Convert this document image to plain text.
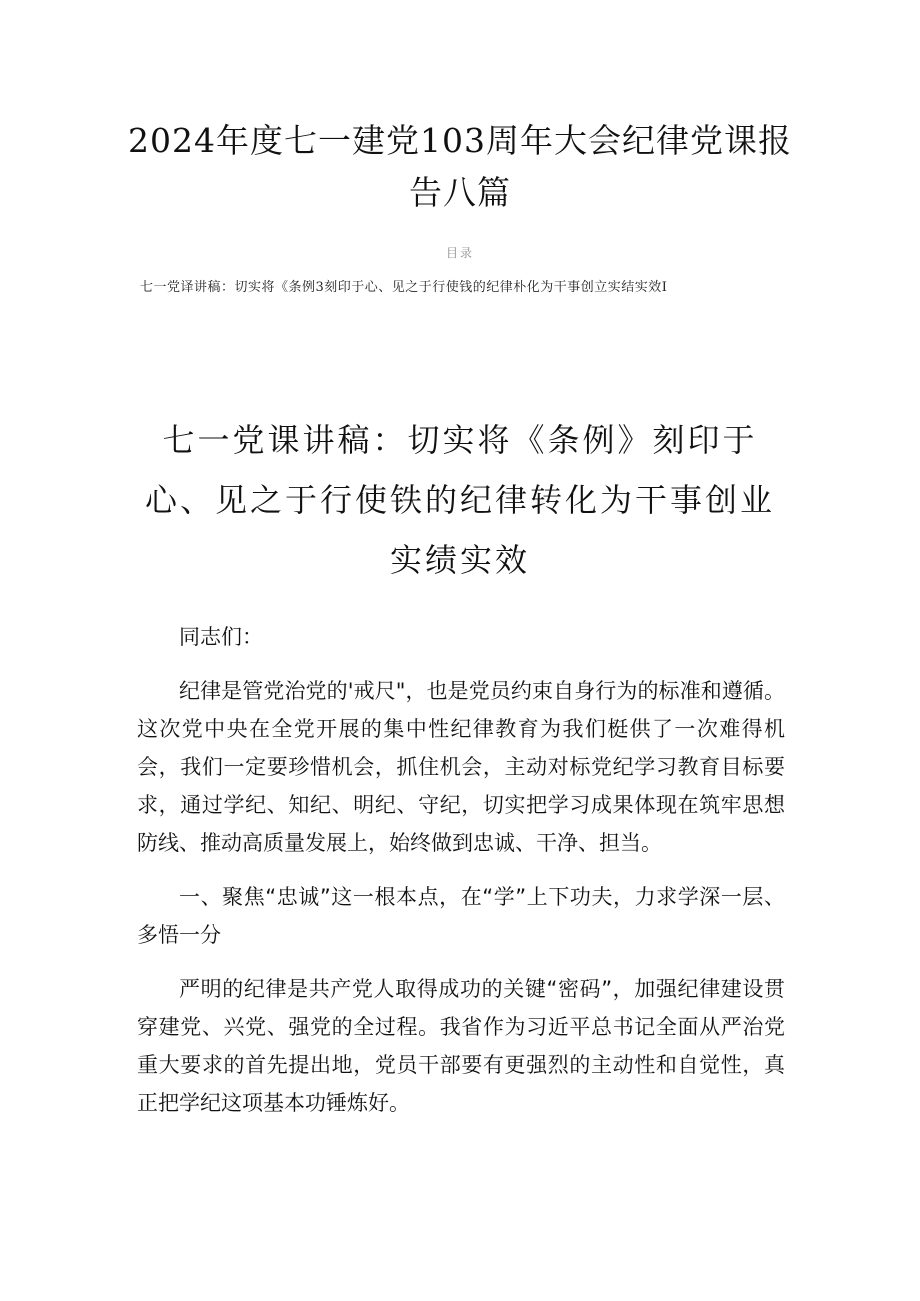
2024年度七一建党103周年大会纪律党课报告八篇
目录
七一党译讲稿：切实将《条例3刻印于心、见之于行使钱的纪律朴化为干事创立实结实效I
七一党课讲稿：切实将《条例》刻印于心、见之于行使铁的纪律转化为干事创业实绩实效

同志们：

纪律是管党治党的'戒尺"，也是党员约束自身行为的标准和遵循。这次党中央在全党开展的集中性纪律教育为我们梃供了一次难得机会，我们一定要珍惜机会，抓住机会，主动对标党纪学习教育目标要求，通过学纪、知纪、明纪、守纪，切实把学习成果体现在筑牢思想防线、推动高质量发展上，始终做到忠诚、干净、担当。

一、聚焦“忠诚”这一根本点，在“学”上下功夫，力求学深一层、多悟一分

严明的纪律是共产党人取得成功的关键“密码”，加强纪律建设贯穿建党、兴党、强党的全过程。我省作为习近平总书记全面从严治党重大要求的首先提出地，党员干部要有更强烈的主动性和自觉性，真正把学纪这项基本功锤炼好。
